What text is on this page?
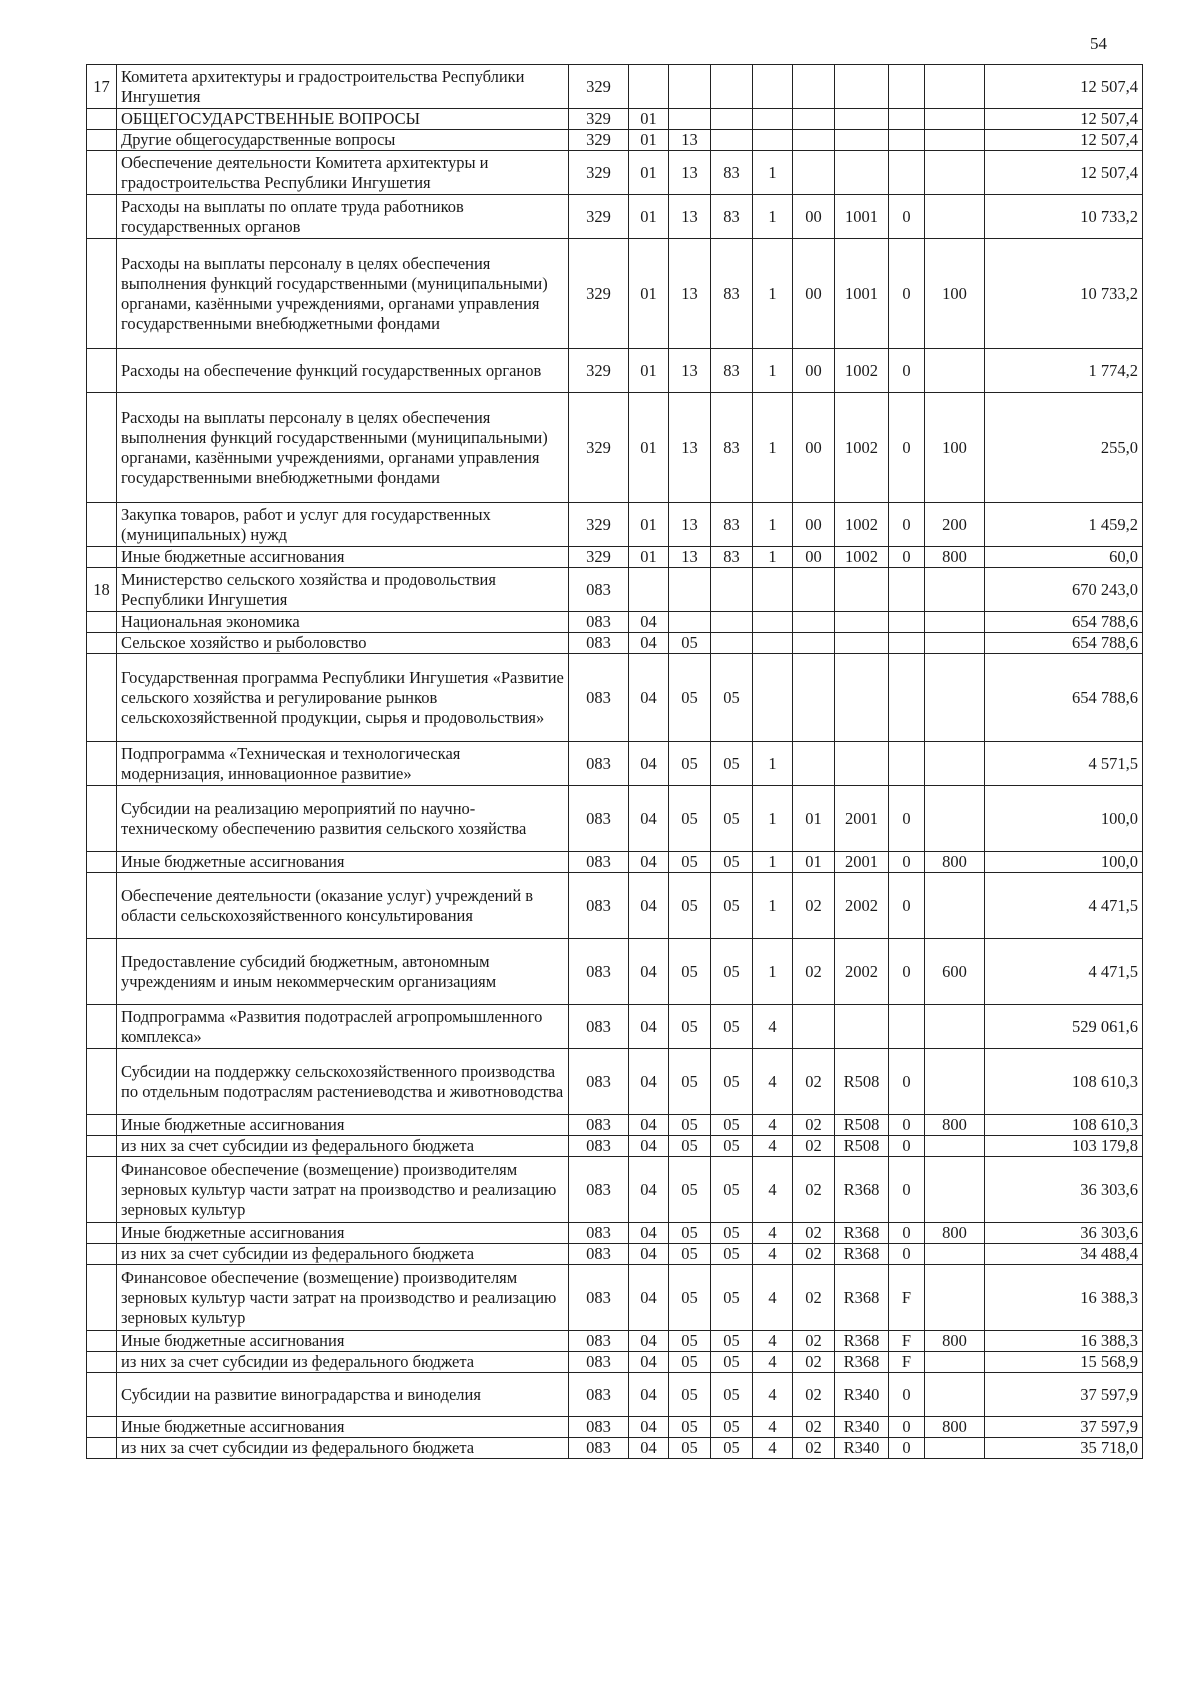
54
17	Комитета архитектуры и градостроительства Республики Ингушетия	329									12 507,4
	ОБЩЕГОСУДАРСТВЕННЫЕ ВОПРОСЫ	329	01								12 507,4
	Другие общегосударственные вопросы	329	01	13							12 507,4
	Обеспечение деятельности Комитета архитектуры и градостроительства Республики Ингушетия	329	01	13	83	1					12 507,4
	Расходы на выплаты по оплате труда работников государственных органов	329	01	13	83	1	00	1001	0		10 733,2
	Расходы на выплаты персоналу в целях обеспечения выполнения функций государственными (муниципальными) органами, казёнными учреждениями, органами управления государственными внебюджетными фондами	329	01	13	83	1	00	1001	0	100	10 733,2
	Расходы на обеспечение функций государственных органов	329	01	13	83	1	00	1002	0		1 774,2
	Расходы на выплаты персоналу в целях обеспечения выполнения функций государственными (муниципальными) органами, казёнными учреждениями, органами управления государственными внебюджетными фондами	329	01	13	83	1	00	1002	0	100	255,0
	Закупка товаров, работ и услуг для государственных (муниципальных) нужд	329	01	13	83	1	00	1002	0	200	1 459,2
	Иные бюджетные ассигнования	329	01	13	83	1	00	1002	0	800	60,0
18	Министерство сельского хозяйства и продовольствия Республики Ингушетия	083									670 243,0
	Национальная экономика	083	04								654 788,6
	Сельское хозяйство и рыболовство	083	04	05							654 788,6
	Государственная программа Республики Ингушетия «Развитие сельского хозяйства и регулирование рынков сельскохозяйственной продукции, сырья и продовольствия»	083	04	05	05						654 788,6
	Подпрограмма «Техническая и технологическая модернизация, инновационное развитие»	083	04	05	05	1					4 571,5
	Субсидии на реализацию мероприятий по научно-техническому обеспечению развития сельского хозяйства	083	04	05	05	1	01	2001	0		100,0
	Иные бюджетные ассигнования	083	04	05	05	1	01	2001	0	800	100,0
	Обеспечение деятельности (оказание услуг) учреждений в области сельскохозяйственного консультирования	083	04	05	05	1	02	2002	0		4 471,5
	Предоставление субсидий бюджетным, автономным учреждениям и иным некоммерческим организациям	083	04	05	05	1	02	2002	0	600	4 471,5
	Подпрограмма «Развития подотраслей агропромышленного комплекса»	083	04	05	05	4					529 061,6
	Субсидии на поддержку сельскохозяйственного производства по отдельным подотраслям растениеводства и животноводства	083	04	05	05	4	02	R508	0		108 610,3
	Иные бюджетные ассигнования	083	04	05	05	4	02	R508	0	800	108 610,3
	из них за счет субсидии из федерального бюджета	083	04	05	05	4	02	R508	0		103 179,8
	Финансовое обеспечение (возмещение) производителям зерновых культур части затрат на производство и реализацию зерновых культур	083	04	05	05	4	02	R368	0		36 303,6
	Иные бюджетные ассигнования	083	04	05	05	4	02	R368	0	800	36 303,6
	из них за счет субсидии из федерального бюджета	083	04	05	05	4	02	R368	0		34 488,4
	Финансовое обеспечение (возмещение) производителям зерновых культур части затрат на производство и реализацию зерновых культур	083	04	05	05	4	02	R368	F		16 388,3
	Иные бюджетные ассигнования	083	04	05	05	4	02	R368	F	800	16 388,3
	из них за счет субсидии из федерального бюджета	083	04	05	05	4	02	R368	F		15 568,9
	Субсидии на развитие виноградарства и виноделия	083	04	05	05	4	02	R340	0		37 597,9
	Иные бюджетные ассигнования	083	04	05	05	4	02	R340	0	800	37 597,9
	из них за счет субсидии из федерального бюджета	083	04	05	05	4	02	R340	0		35 718,0
